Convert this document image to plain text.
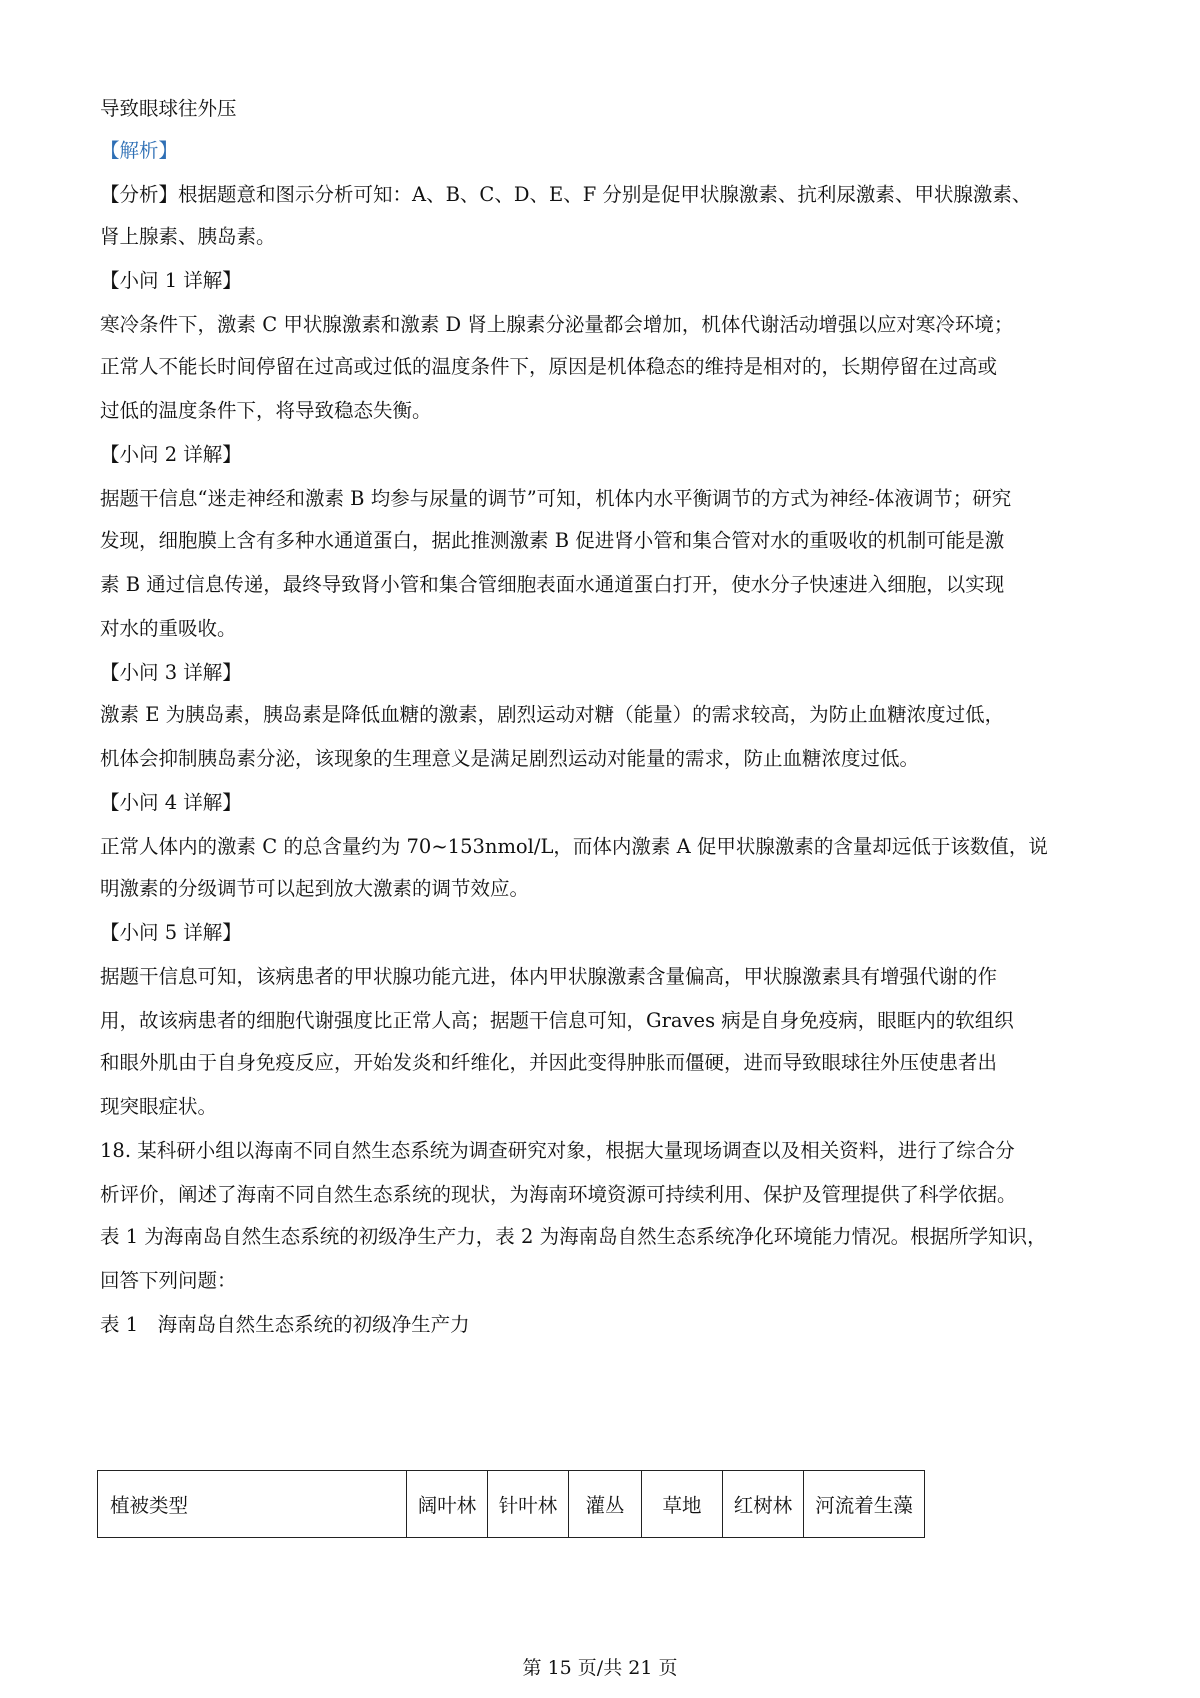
导致眼球往外压
【解析】
【分析】根据题意和图示分析可知：A、B、C、D、E、F 分别是促甲状腺激素、抗利尿激素、甲状腺激素、
肾上腺素、胰岛素。
【小问 1 详解】
寒冷条件下，激素 C 甲状腺激素和激素 D 肾上腺素分泌量都会增加，机体代谢活动增强以应对寒冷环境；
正常人不能长时间停留在过高或过低的温度条件下，原因是机体稳态的维持是相对的，长期停留在过高或
过低的温度条件下，将导致稳态失衡。
【小问 2 详解】
据题干信息“迷走神经和激素 B 均参与尿量的调节”可知，机体内水平衡调节的方式为神经-体液调节；研究
发现，细胞膜上含有多种水通道蛋白，据此推测激素 B 促进肾小管和集合管对水的重吸收的机制可能是激
素 B 通过信息传递，最终导致肾小管和集合管细胞表面水通道蛋白打开，使水分子快速进入细胞，以实现
对水的重吸收。
【小问 3 详解】
激素 E 为胰岛素，胰岛素是降低血糖的激素，剧烈运动对糖（能量）的需求较高，为防止血糖浓度过低，
机体会抑制胰岛素分泌，该现象的生理意义是满足剧烈运动对能量的需求，防止血糖浓度过低。
【小问 4 详解】
正常人体内的激素 C 的总含量约为 70~153nmol/L，而体内激素 A 促甲状腺激素的含量却远低于该数值，说
明激素的分级调节可以起到放大激素的调节效应。
【小问 5 详解】
据题干信息可知，该病患者的甲状腺功能亢进，体内甲状腺激素含量偏高，甲状腺激素具有增强代谢的作
用，故该病患者的细胞代谢强度比正常人高；据题干信息可知，Graves 病是自身免疫病，眼眶内的软组织
和眼外肌由于自身免疫反应，开始发炎和纤维化，并因此变得肿胀而僵硬，进而导致眼球往外压使患者出
现突眼症状。
18. 某科研小组以海南不同自然生态系统为调查研究对象，根据大量现场调查以及相关资料，进行了综合分
析评价，阐述了海南不同自然生态系统的现状，为海南环境资源可持续利用、保护及管理提供了科学依据。
表 1 为海南岛自然生态系统的初级净生产力，表 2 为海南岛自然生态系统净化环境能力情况。根据所学知识，
回答下列问题：
表 1　海南岛自然生态系统的初级净生产力
植被类型	阔叶林	针叶林	灌丛	草地	红树林	河流着生藻
第 15 页/共 21 页
